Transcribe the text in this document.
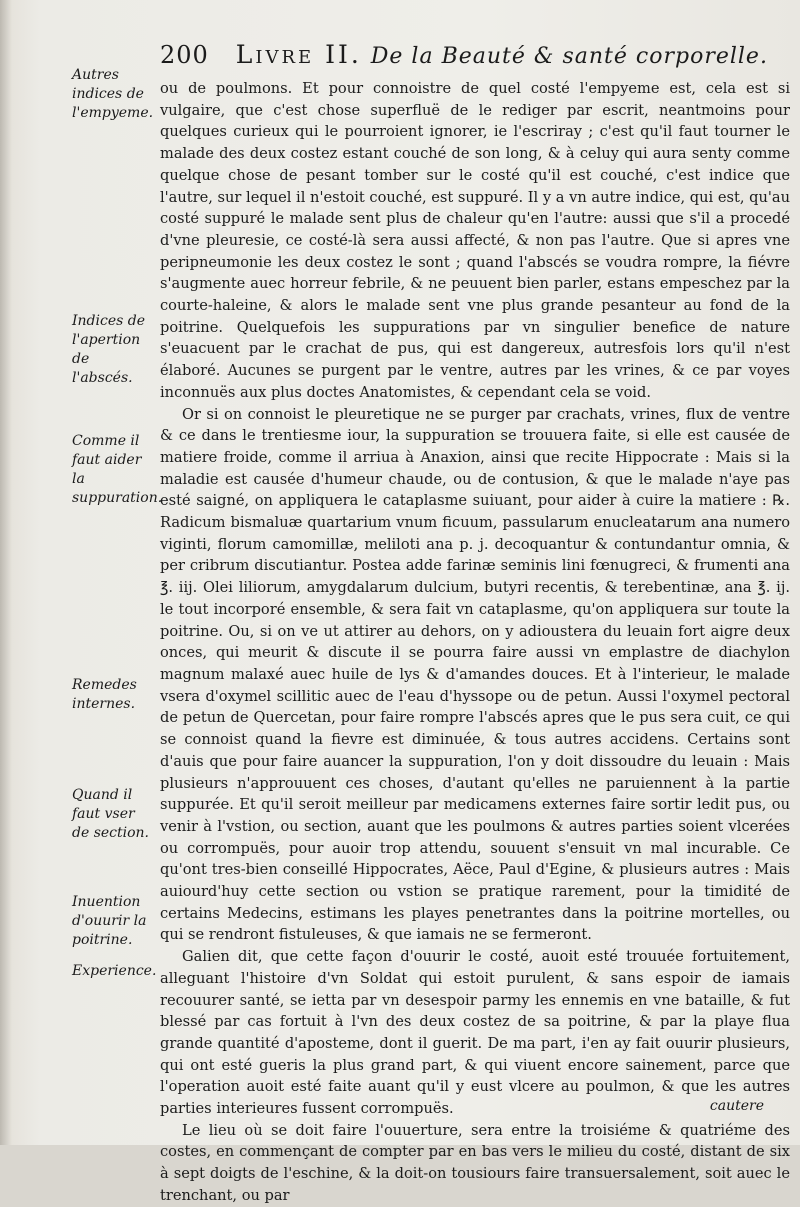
200 Livre II. De la Beauté & santé corporelle.
Autres indices de l'empyeme.
Indices de l'apertion de l'abscés.
Comme il faut aider la suppuration.
Remedes internes.
Quand il faut vser de section.
Inuention d'ouurir la poitrine.
Experience.

ou de poulmons. Et pour connoistre de quel costé l'empyeme est, cela est si vulgaire, que c'est chose superfluë de le rediger par escrit, neantmoins pour quelques curieux qui le pourroient ignorer, ie l'escriray ; c'est qu'il faut tourner le malade des deux costez estant couché de son long, & à celuy qui aura senty comme quelque chose de pesant tomber sur le costé qu'il est couché, c'est indice que l'autre, sur lequel il n'estoit couché, est suppuré. Il y a vn autre indice, qui est, qu'au costé suppuré le malade sent plus de chaleur qu'en l'autre: aussi que s'il a procedé d'vne pleuresie, ce costé-là sera aussi affecté, & non pas l'autre. Que si apres vne peripneumonie les deux costez le sont ; quand l'abscés se voudra rompre, la fiévre s'augmente auec horreur febrile, & ne peuuent bien parler, estans empeschez par la courte-haleine, & alors le malade sent vne plus grande pesanteur au fond de la poitrine. Quelquefois les suppurations par vn singulier benefice de nature s'euacuent par le crachat de pus, qui est dangereux, autresfois lors qu'il n'est élaboré. Aucunes se purgent par le ventre, autres par les vrines, & ce par voyes inconnuës aux plus doctes Anatomistes, & cependant cela se void.

Or si on connoist le pleuretique ne se purger par crachats, vrines, flux de ventre & ce dans le trentiesme iour, la suppuration se trouuera faite, si elle est causée de matiere froide, comme il arriua à Anaxion, ainsi que recite Hippocrate : Mais si la maladie est causée d'humeur chaude, ou de contusion, & que le malade n'aye pas esté saigné, on appliquera le cataplasme suiuant, pour aider à cuire la matiere : ℞. Radicum bismaluæ quartarium vnum ficuum, passularum enucleatarum ana numero viginti, florum camomillæ, meliloti ana p. j. decoquantur & contundantur omnia, & per cribrum discutiantur. Postea adde farinæ seminis lini fœnugreci, & frumenti ana ℥. iij. Olei liliorum, amygdalarum dulcium, butyri recentis, & terebentinæ, ana ℥. ij. le tout incorporé ensemble, & sera fait vn cataplasme, qu'on appliquera sur toute la poitrine. Ou, si on ve ut attirer au dehors, on y adioustera du leuain fort aigre deux onces, qui meurit & discute il se pourra faire aussi vn emplastre de diachylon magnum malaxé auec huile de lys & d'amandes douces. Et à l'interieur, le malade vsera d'oxymel scillitic auec de l'eau d'hyssope ou de petun. Aussi l'oxymel pectoral de petun de Quercetan, pour faire rompre l'abscés apres que le pus sera cuit, ce qui se connoist quand la fievre est diminuée, & tous autres accidens. Certains sont d'auis que pour faire auancer la suppuration, l'on y doit dissoudre du leuain : Mais plusieurs n'approuuent ces choses, d'autant qu'elles ne paruiennent à la partie suppurée. Et qu'il seroit meilleur par medicamens externes faire sortir ledit pus, ou venir à l'vstion, ou section, auant que les poulmons & autres parties soient vlcerées ou corrompuës, pour auoir trop attendu, souuent s'ensuit vn mal incurable. Ce qu'ont tres-bien conseillé Hippocrates, Aëce, Paul d'Egine, & plusieurs autres : Mais auiourd'huy cette section ou vstion se pratique rarement, pour la timidité de certains Medecins, estimans les playes penetrantes dans la poitrine mortelles, ou qui se rendront fistuleuses, & que iamais ne se fermeront.

Galien dit, que cette façon d'ouurir le costé, auoit esté trouuée fortuitement, alleguant l'histoire d'vn Soldat qui estoit purulent, & sans espoir de iamais recouurer santé, se ietta par vn desespoir parmy les ennemis en vne bataille, & fut blessé par cas fortuit à l'vn des deux costez de sa poitrine, & par la playe flua grande quantité d'aposteme, dont il guerit. De ma part, i'en ay fait ouurir plusieurs, qui ont esté gueris la plus grand part, & qui viuent encore sainement, parce que l'operation auoit esté faite auant qu'il y eust vlcere au poulmon, & que les autres parties interieures fussent corrompuës.

Le lieu où se doit faire l'ouuerture, sera entre la troisiéme & quatriéme des costes, en commençant de compter par en bas vers le milieu du costé, distant de six à sept doigts de l'eschine, & la doit-on tousiours faire transuersalement, soit auec le trenchant, ou par

cautere
